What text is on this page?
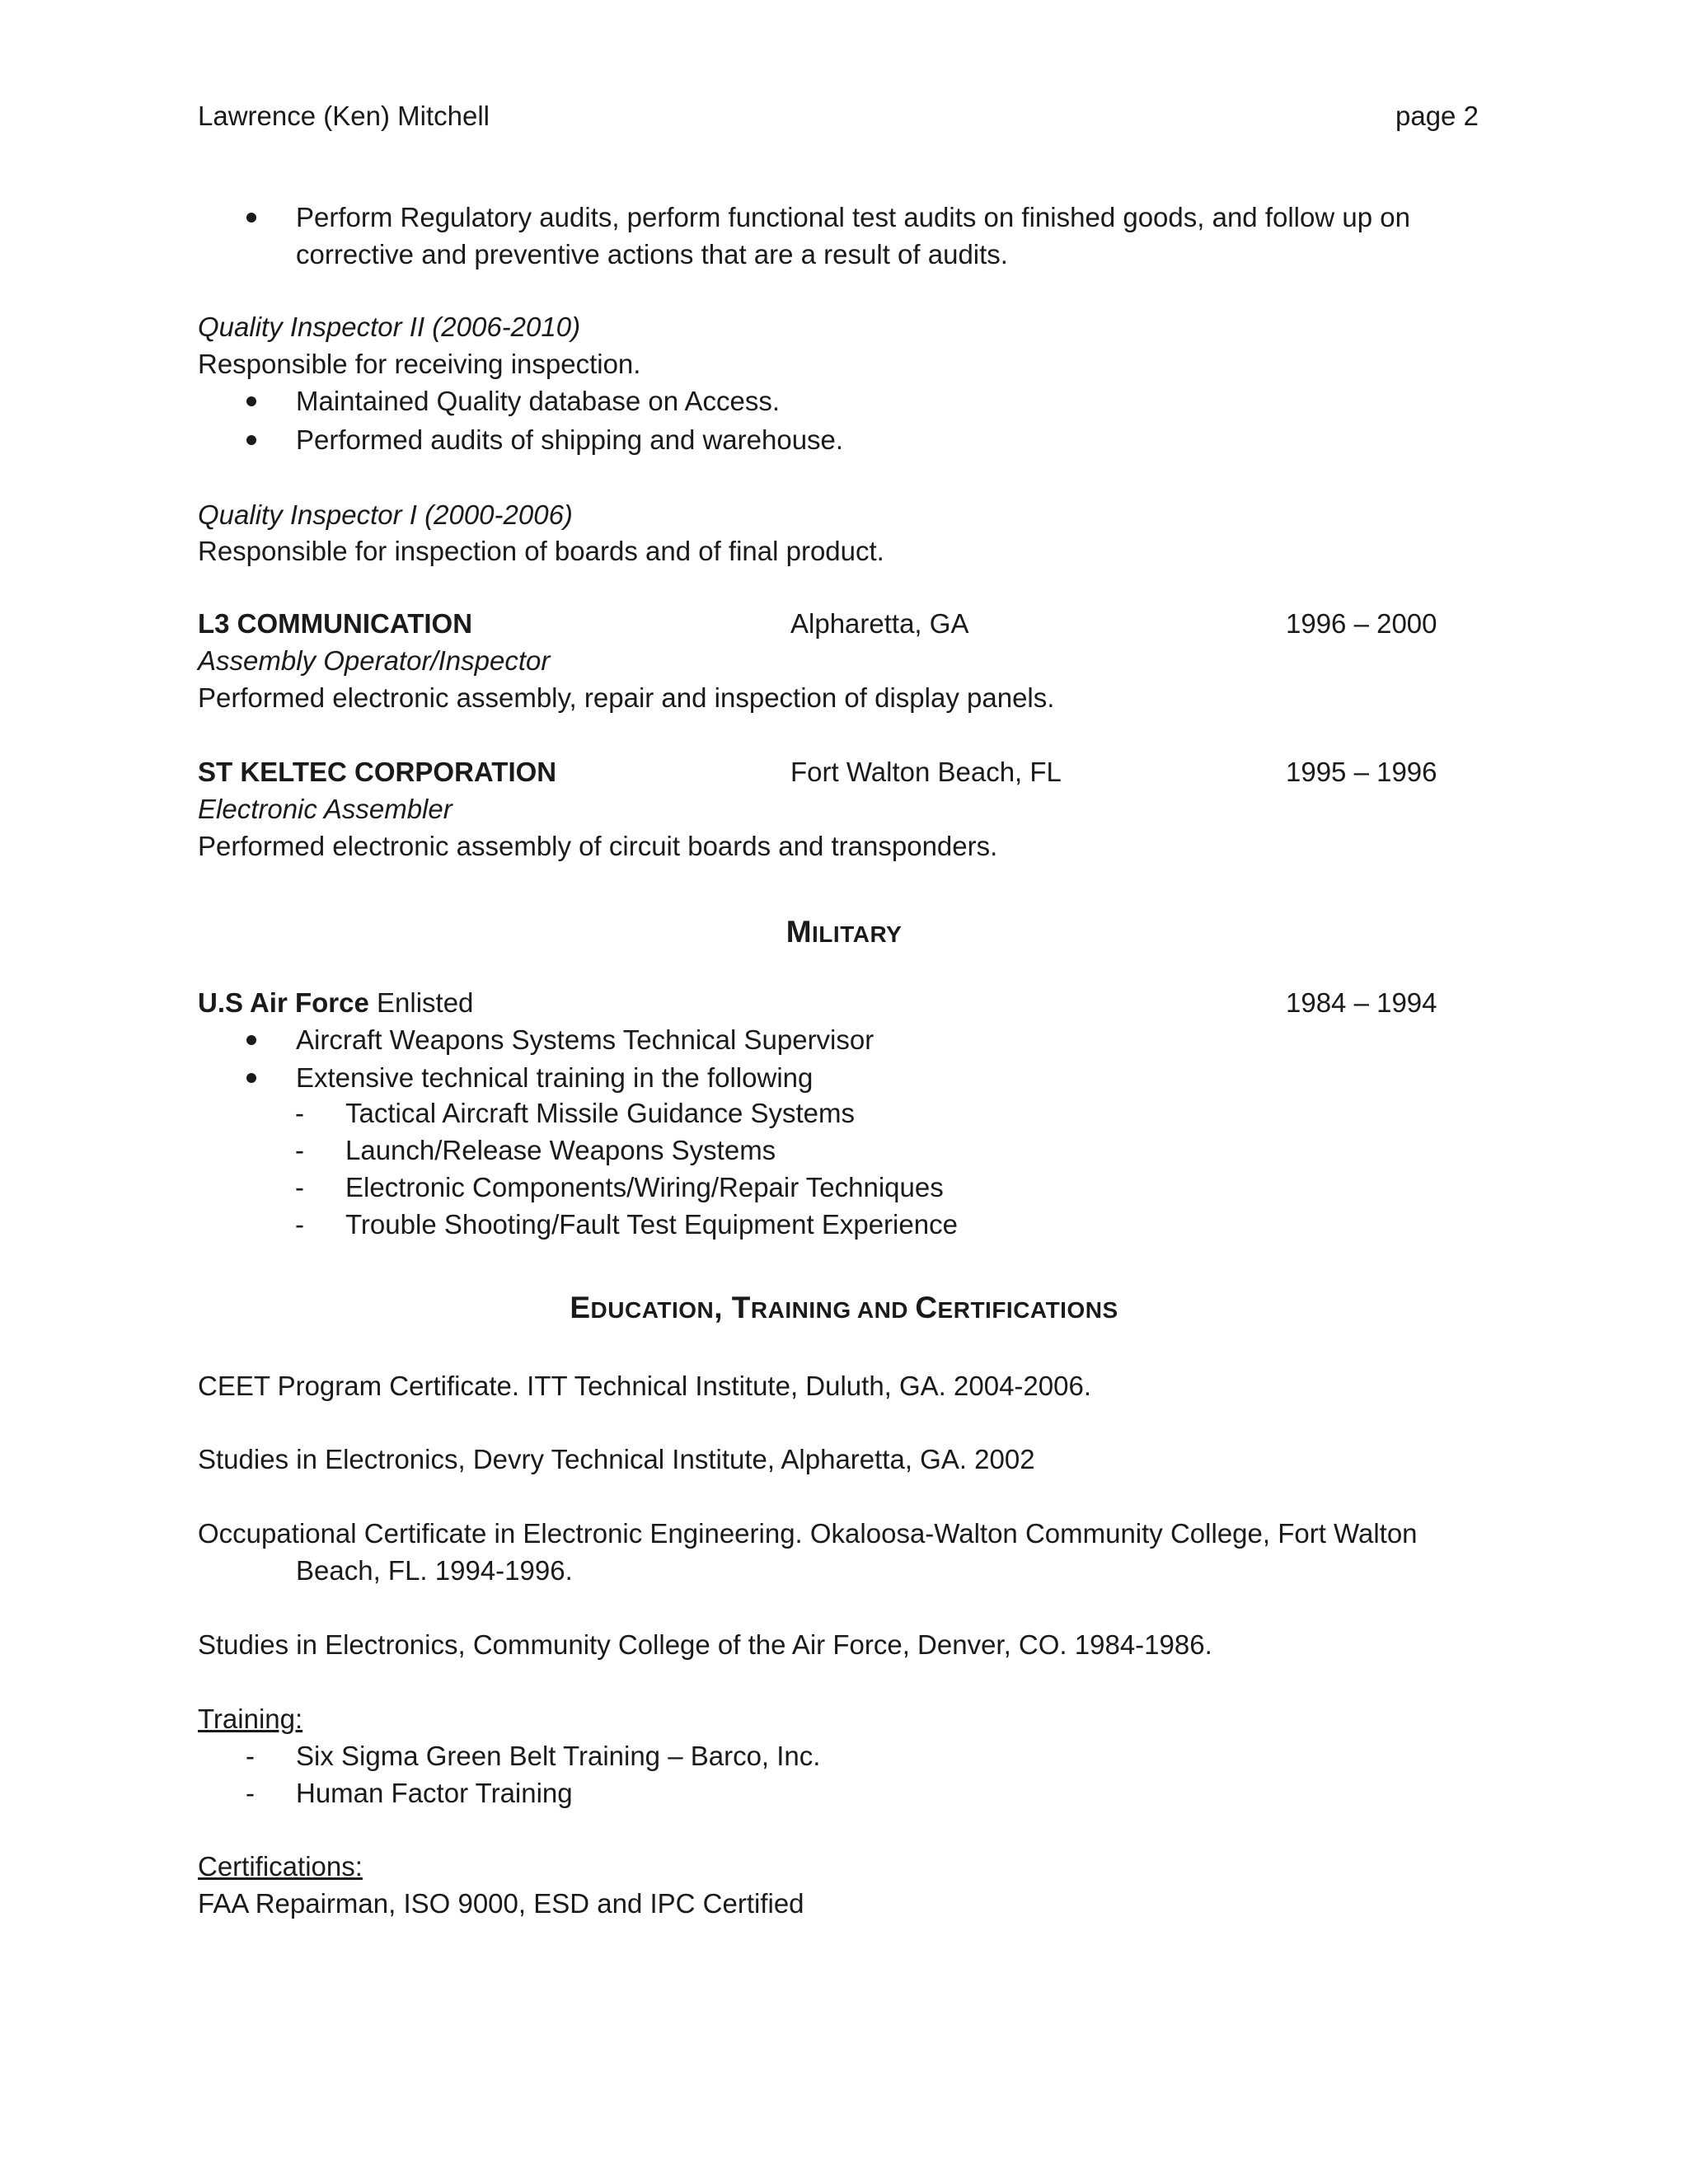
Lawrence (Ken) Mitchell	page 2
Perform Regulatory audits, perform functional test audits on finished goods, and follow up on
corrective and preventive actions that are a result of audits.
Quality Inspector II (2006-2010)
Responsible for receiving inspection.
Maintained Quality database on Access.
Performed audits of shipping and warehouse.
Quality Inspector I (2000-2006)
Responsible for inspection of boards and of final product.
L3 COMMUNICATION	Alpharetta, GA	1996 – 2000
Assembly Operator/Inspector
Performed electronic assembly, repair and inspection of display panels.
ST KELTEC CORPORATION	Fort Walton Beach, FL	1995 – 1996
Electronic Assembler
Performed electronic assembly of circuit boards and transponders.
MILITARY
U.S Air Force Enlisted	1984 – 1994
Aircraft Weapons Systems Technical Supervisor
Extensive technical training in the following
- Tactical Aircraft Missile Guidance Systems
- Launch/Release Weapons Systems
- Electronic Components/Wiring/Repair Techniques
- Trouble Shooting/Fault Test Equipment Experience
EDUCATION, TRAINING AND CERTIFICATIONS
CEET Program Certificate. ITT Technical Institute, Duluth, GA. 2004-2006.
Studies in Electronics, Devry Technical Institute, Alpharetta, GA. 2002
Occupational Certificate in Electronic Engineering. Okaloosa-Walton Community College, Fort Walton
Beach, FL. 1994-1996.
Studies in Electronics, Community College of the Air Force, Denver, CO. 1984-1986.
Training:
- Six Sigma Green Belt Training – Barco, Inc.
- Human Factor Training
Certifications:
FAA Repairman, ISO 9000, ESD and IPC Certified
